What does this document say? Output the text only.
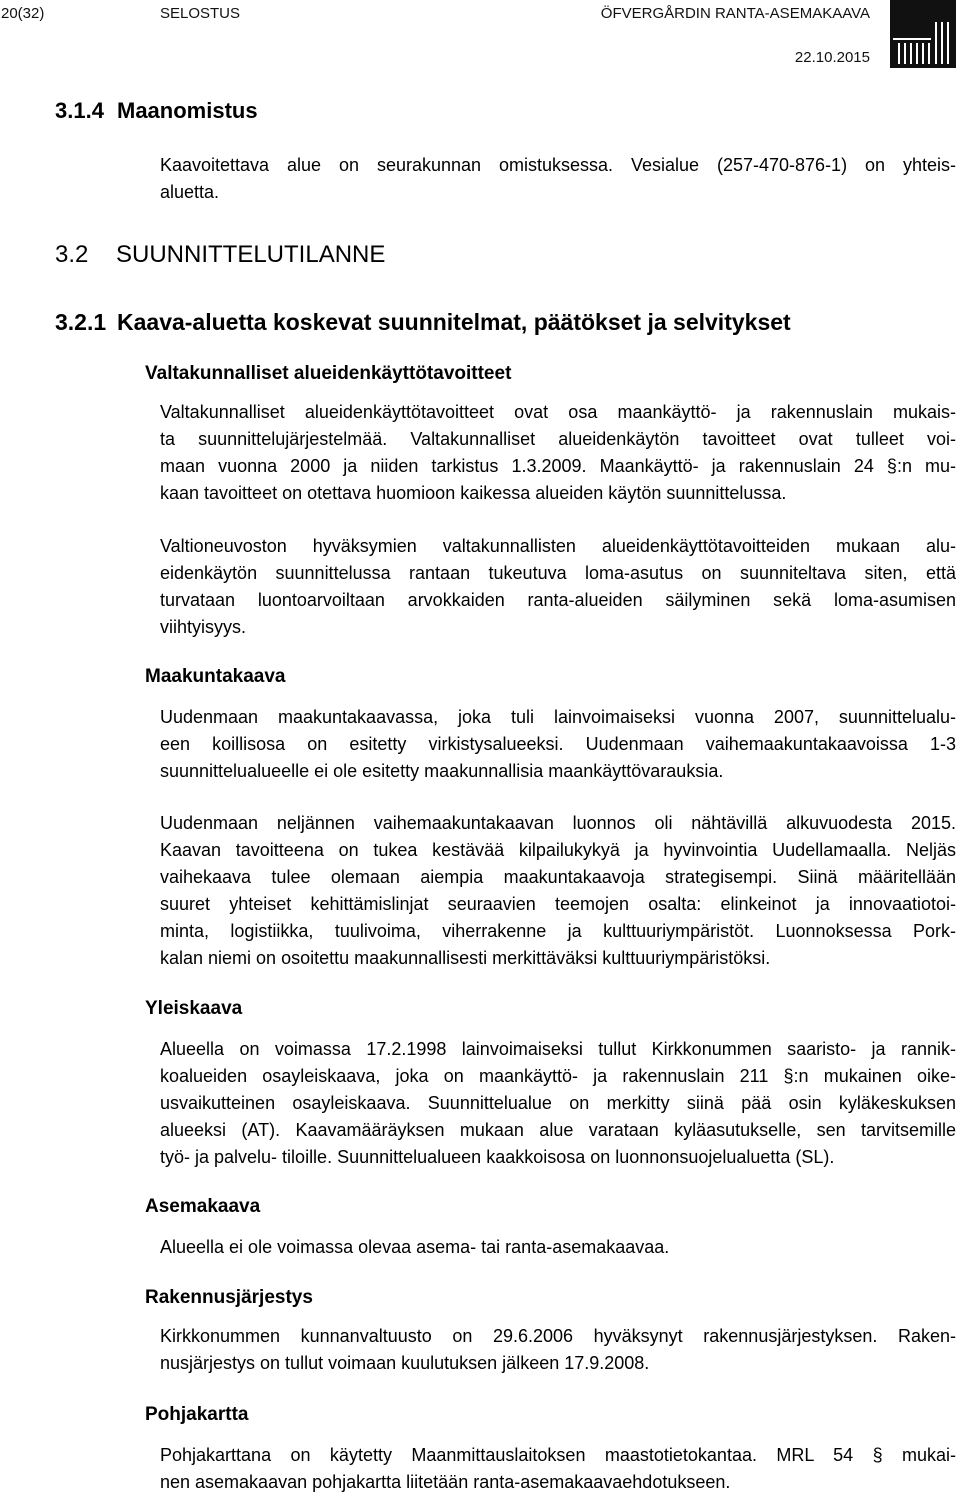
20(32)	SELOSTUS	ÖFVERGÅRDIN RANTA-ASEMAKAAVA
22.10.2015
3.1.4 Maanomistus
Kaavoitettava alue on seurakunnan omistuksessa. Vesialue (257-470-876-1) on yhteis-
aluetta.
3.2 SUUNNITTELUTILANNE
3.2.1 Kaava-aluetta koskevat suunnitelmat, päätökset ja selvitykset
Valtakunnalliset alueidenkäyttötavoitteet
Valtakunnalliset alueidenkäyttötavoitteet ovat osa maankäyttö- ja rakennuslain mukais-
ta suunnittelujärjestelmää. Valtakunnalliset alueidenkäytön tavoitteet ovat tulleet voi-
maan vuonna 2000 ja niiden tarkistus 1.3.2009. Maankäyttö- ja rakennuslain 24 §:n mu-
kaan tavoitteet on otettava huomioon kaikessa alueiden käytön suunnittelussa.
Valtioneuvoston hyväksymien valtakunnallisten alueidenkäyttötavoitteiden mukaan alu-
eidenkäytön suunnittelussa rantaan tukeutuva loma-asutus on suunniteltava siten, että
turvataan luontoarvoiltaan arvokkaiden ranta-alueiden säilyminen sekä loma-asumisen
viihtyisyys.
Maakuntakaava
Uudenmaan maakuntakaavassa, joka tuli lainvoimaiseksi vuonna 2007, suunnittelualu-
een koillisosa on esitetty virkistysalueeksi. Uudenmaan vaihemaakuntakaavoissa 1-3
suunnittelualueelle ei ole esitetty maakunnallisia maankäyttövarauksia.
Uudenmaan neljännen vaihemaakuntakaavan luonnos oli nähtävillä alkuvuodesta 2015.
Kaavan tavoitteena on tukea kestävää kilpailukykyä ja hyvinvointia Uudellamaalla. Neljäs
vaihekaava tulee olemaan aiempia maakuntakaavoja strategisempi. Siinä määritellään
suuret yhteiset kehittämislinjat seuraavien teemojen osalta: elinkeinot ja innovaatiotoi-
minta, logistiikka, tuulivoima, viherrakenne ja kulttuuriympäristöt. Luonnoksessa Pork-
kalan niemi on osoitettu maakunnallisesti merkittäväksi kulttuuriympäristöksi.
Yleiskaava
Alueella on voimassa 17.2.1998 lainvoimaiseksi tullut Kirkkonummen saaristo- ja rannik-
koalueiden osayleiskaava, joka on maankäyttö- ja rakennuslain 211 §:n mukainen oike-
usvaikutteinen osayleiskaava. Suunnittelualue on merkitty siinä pää osin kyläkeskuksen
alueeksi (AT). Kaavamääräyksen mukaan alue varataan kyläasutukselle, sen tarvitsemille
työ- ja palvelu- tiloille. Suunnittelualueen kaakkoisosa on luonnonsuojelualuetta (SL).
Asemakaava
Alueella ei ole voimassa olevaa asema- tai ranta-asemakaavaa.
Rakennusjärjestys
Kirkkonummen kunnanvaltuusto on 29.6.2006 hyväksynyt rakennusjärjestyksen. Raken-
nusjärjestys on tullut voimaan kuulutuksen jälkeen 17.9.2008.
Pohjakartta
Pohjakarttana on käytetty Maanmittauslaitoksen maastotietokantaa. MRL 54 § mukai-
nen asemakaavan pohjakartta liitetään ranta-asemakaavaehdotukseen.
